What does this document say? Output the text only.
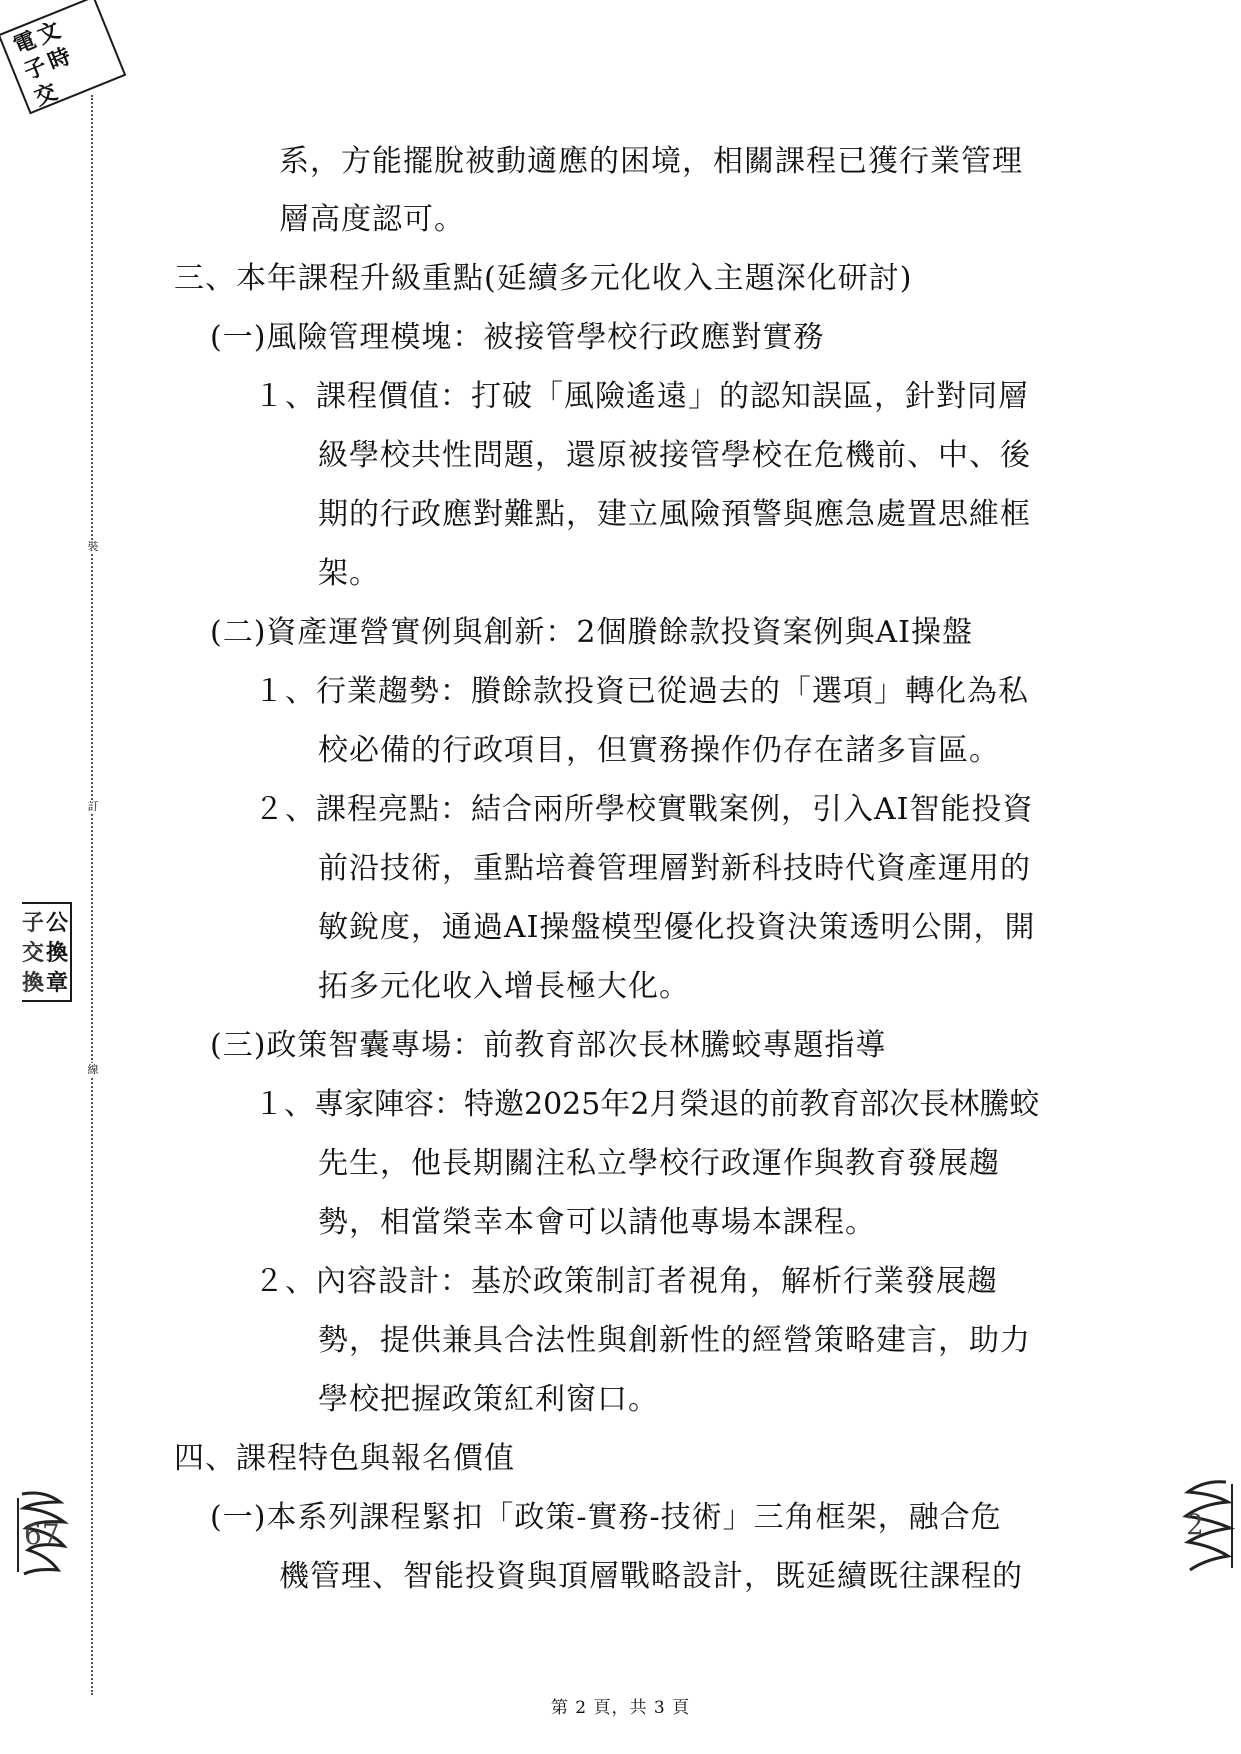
裝
訂
線
公換章
子交換
電子交
文時
67	2
系，方能擺脫被動適應的困境，相關課程已獲行業管理
層高度認可。
三、本年課程升級重點(延續多元化收入主題深化研討)
(一)風險管理模塊：被接管學校行政應對實務
１、課程價值：打破「風險遙遠」的認知誤區，針對同層
級學校共性問題，還原被接管學校在危機前、中、後
期的行政應對難點，建立風險預警與應急處置思維框
架。
(二)資產運營實例與創新：2個賸餘款投資案例與AI操盤
１、行業趨勢：賸餘款投資已從過去的「選項」轉化為私
校必備的行政項目，但實務操作仍存在諸多盲區。
２、課程亮點：結合兩所學校實戰案例，引入AI智能投資
前沿技術，重點培養管理層對新科技時代資產運用的
敏銳度，通過AI操盤模型優化投資決策透明公開，開
拓多元化收入增長極大化。
(三)政策智囊專場：前教育部次長林騰蛟專題指導
１、專家陣容：特邀2025年2月榮退的前教育部次長林騰蛟
先生，他長期關注私立學校行政運作與教育發展趨
勢，相當榮幸本會可以請他專場本課程。
２、內容設計：基於政策制訂者視角，解析行業發展趨
勢，提供兼具合法性與創新性的經營策略建言，助力
學校把握政策紅利窗口。
四、課程特色與報名價值
(一)本系列課程緊扣「政策-實務-技術」三角框架，融合危
機管理、智能投資與頂層戰略設計，既延續既往課程的
第 2 頁，共 3 頁
